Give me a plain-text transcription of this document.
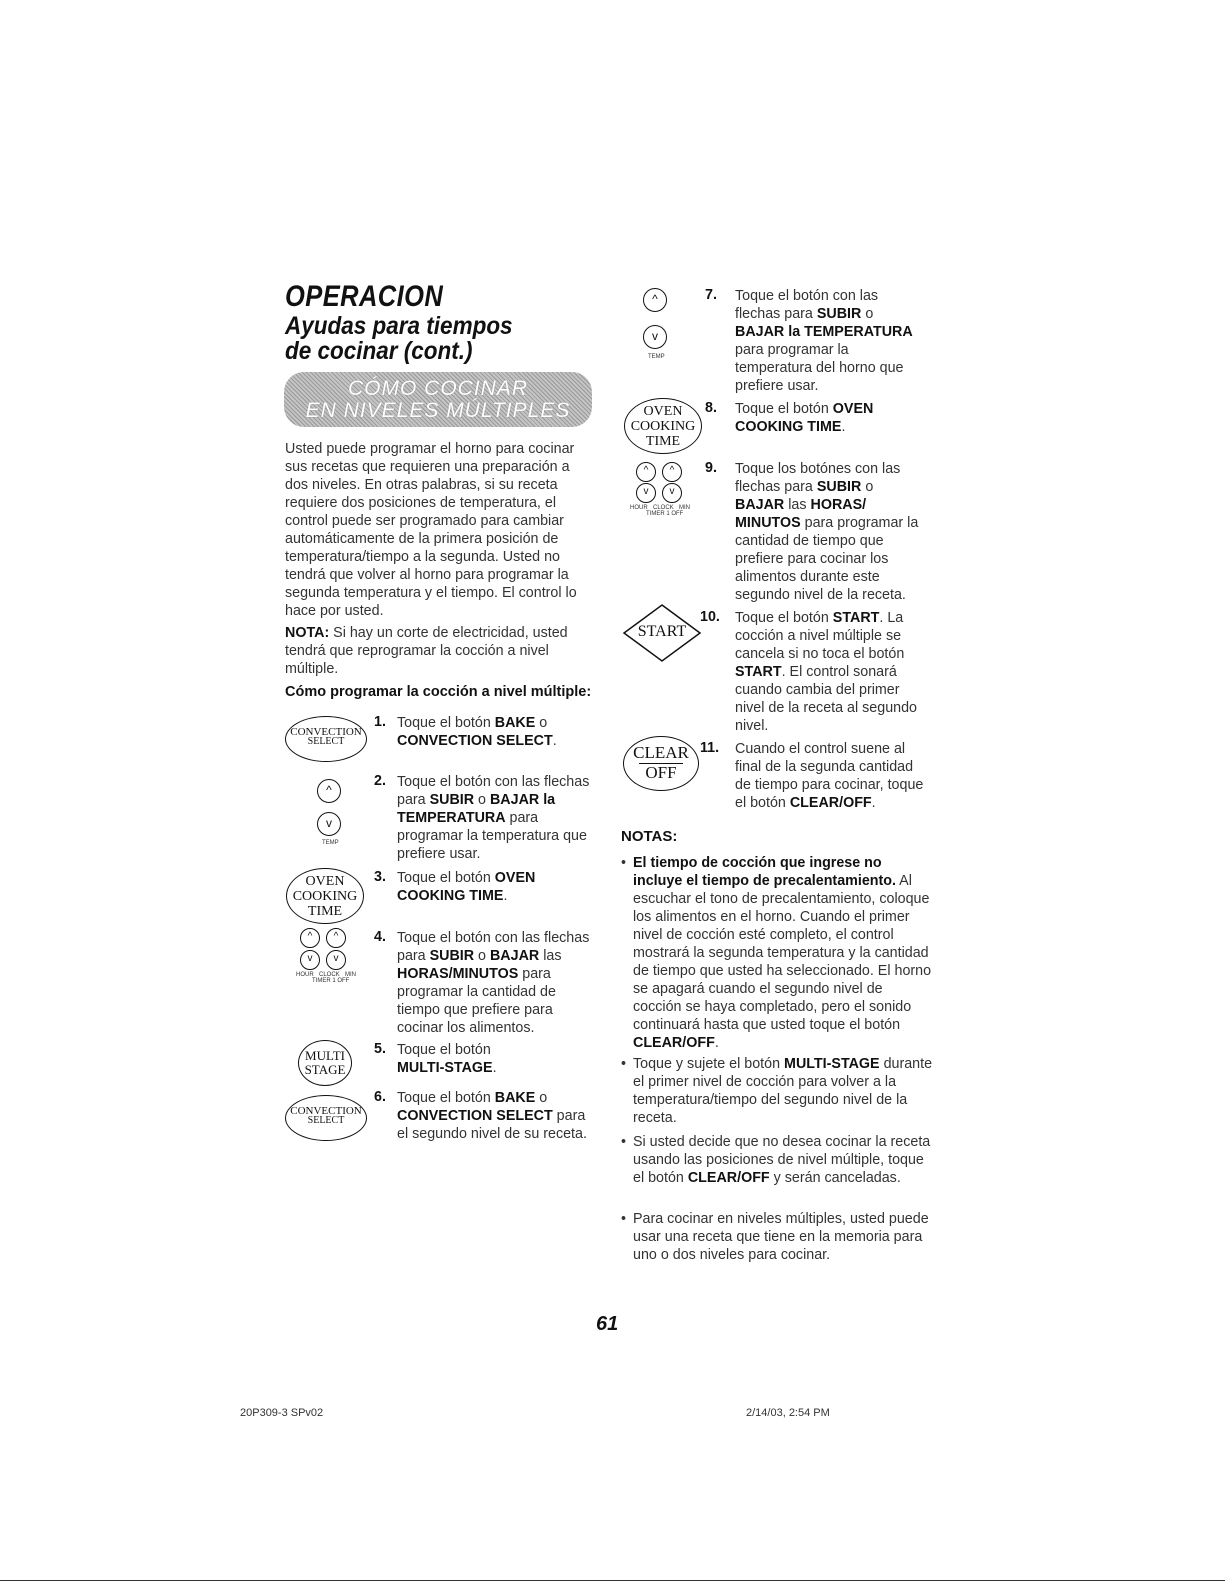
OPERACION
Ayudas para tiempos
de cocinar (cont.)
CÓMO COCINAR
EN NIVELES MÚLTIPLES
Usted puede programar el horno para cocinar sus recetas que requieren una preparación a dos niveles. En otras palabras, si su receta requiere dos posiciones de temperatura, el control puede ser programado para cambiar automáticamente de la primera posición de temperatura/tiempo a la segunda. Usted no tendrá que volver al horno para programar la segunda temperatura y el tiempo. El control lo hace por usted.
NOTA: Si hay un corte de electricidad, usted tendrá que reprogramar la cocción a nivel múltiple.
Cómo programar la cocción a nivel múltiple:
CONVECTION
SELECT
^
v
TEMP
OVEN
COOKING
TIME
^	^
v	v
HOUR CLOCK MIN
TIMER 1 OFF
MULTI
STAGE
CONVECTION
SELECT
1. Toque el botón BAKE o CONVECTION SELECT.
2. Toque el botón con las flechas para SUBIR o BAJAR la TEMPERATURA para programar la temperatura que prefiere usar.
3. Toque el botón OVEN COOKING TIME.
4. Toque el botón con las flechas para SUBIR o BAJAR las HORAS/MINUTOS para programar la cantidad de tiempo que prefiere para cocinar los alimentos.
5. Toque el botón MULTI-STAGE.
6. Toque el botón BAKE o CONVECTION SELECT para el segundo nivel de su receta.
^
v
TEMP
OVEN
COOKING
TIME
^	^
v	v
HOUR CLOCK MIN
TIMER 1 OFF
START
CLEAR
OFF
7. Toque el botón con las flechas para SUBIR o BAJAR la TEMPERATURA para programar la temperatura del horno que prefiere usar.
8. Toque el botón OVEN COOKING TIME.
9. Toque los botónes con las flechas para SUBIR o BAJAR las HORAS/ MINUTOS para programar la cantidad de tiempo que prefiere para cocinar los alimentos durante este segundo nivel de la receta.
10. Toque el botón START. La cocción a nivel múltiple se cancela si no toca el botón START. El control sonará cuando cambia del primer nivel de la receta al segundo nivel.
11. Cuando el control suene al final de la segunda cantidad de tiempo para cocinar, toque el botón CLEAR/OFF.
NOTAS:
• El tiempo de cocción que ingrese no incluye el tiempo de precalentamiento. Al escuchar el tono de precalentamiento, coloque los alimentos en el horno. Cuando el primer nivel de cocción esté completo, el control mostrará la segunda temperatura y la cantidad de tiempo que usted ha seleccionado. El horno se apagará cuando el segundo nivel de cocción se haya completado, pero el sonido continuará hasta que usted toque el botón CLEAR/OFF.
• Toque y sujete el botón MULTI-STAGE durante el primer nivel de cocción para volver a la temperatura/tiempo del segundo nivel de la receta.
• Si usted decide que no desea cocinar la receta usando las posiciones de nivel múltiple, toque el botón CLEAR/OFF y serán canceladas.
• Para cocinar en niveles múltiples, usted puede usar una receta que tiene en la memoria para uno o dos niveles para cocinar.
61
20P309-3 SPv02	2/14/03, 2:54 PM
